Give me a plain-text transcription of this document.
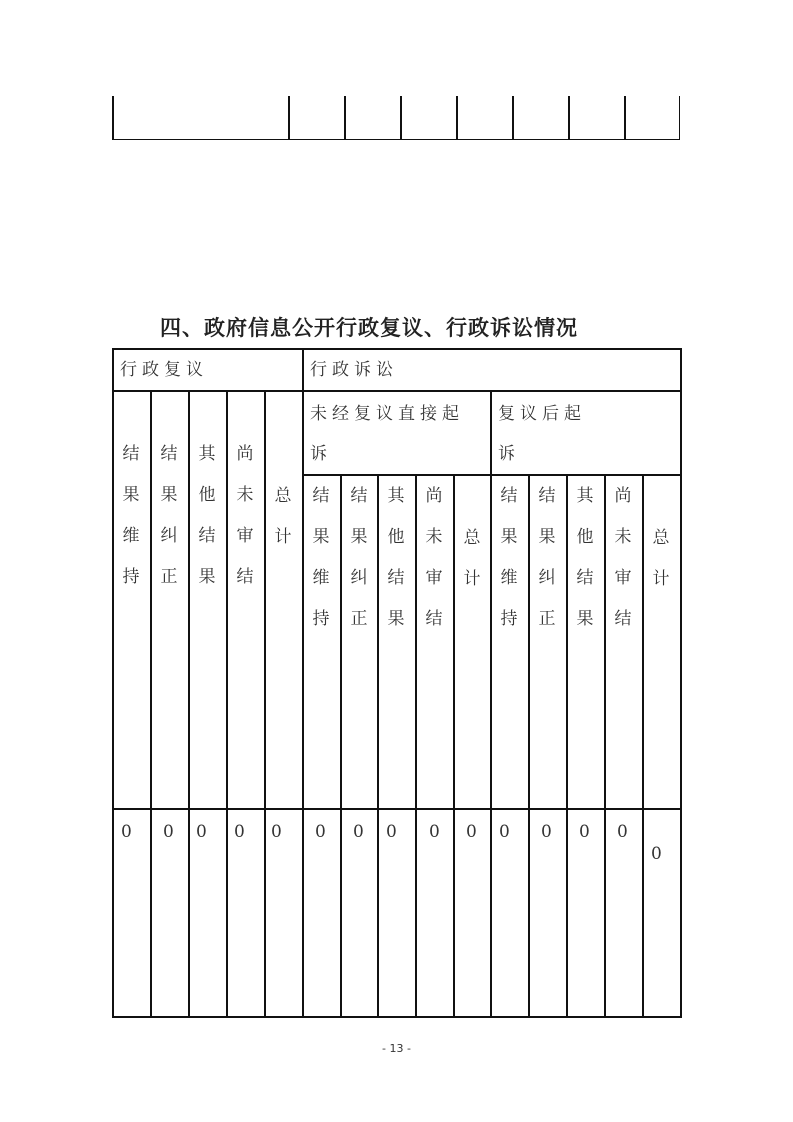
四、政府信息公开行政复议、行政诉讼情况
行政复议	行政诉讼
未经复议直接起
诉
复议后起
诉
结果维持
结果纠正
其他结果
尚未审结
总计
结果维持
结果纠正
其他结果
尚未审结
总计
结果维持
结果纠正
其他结果
尚未审结
总计
0 0 0 0 0 0 0 0 0 0 0 0 0 0
0
- 13 -
